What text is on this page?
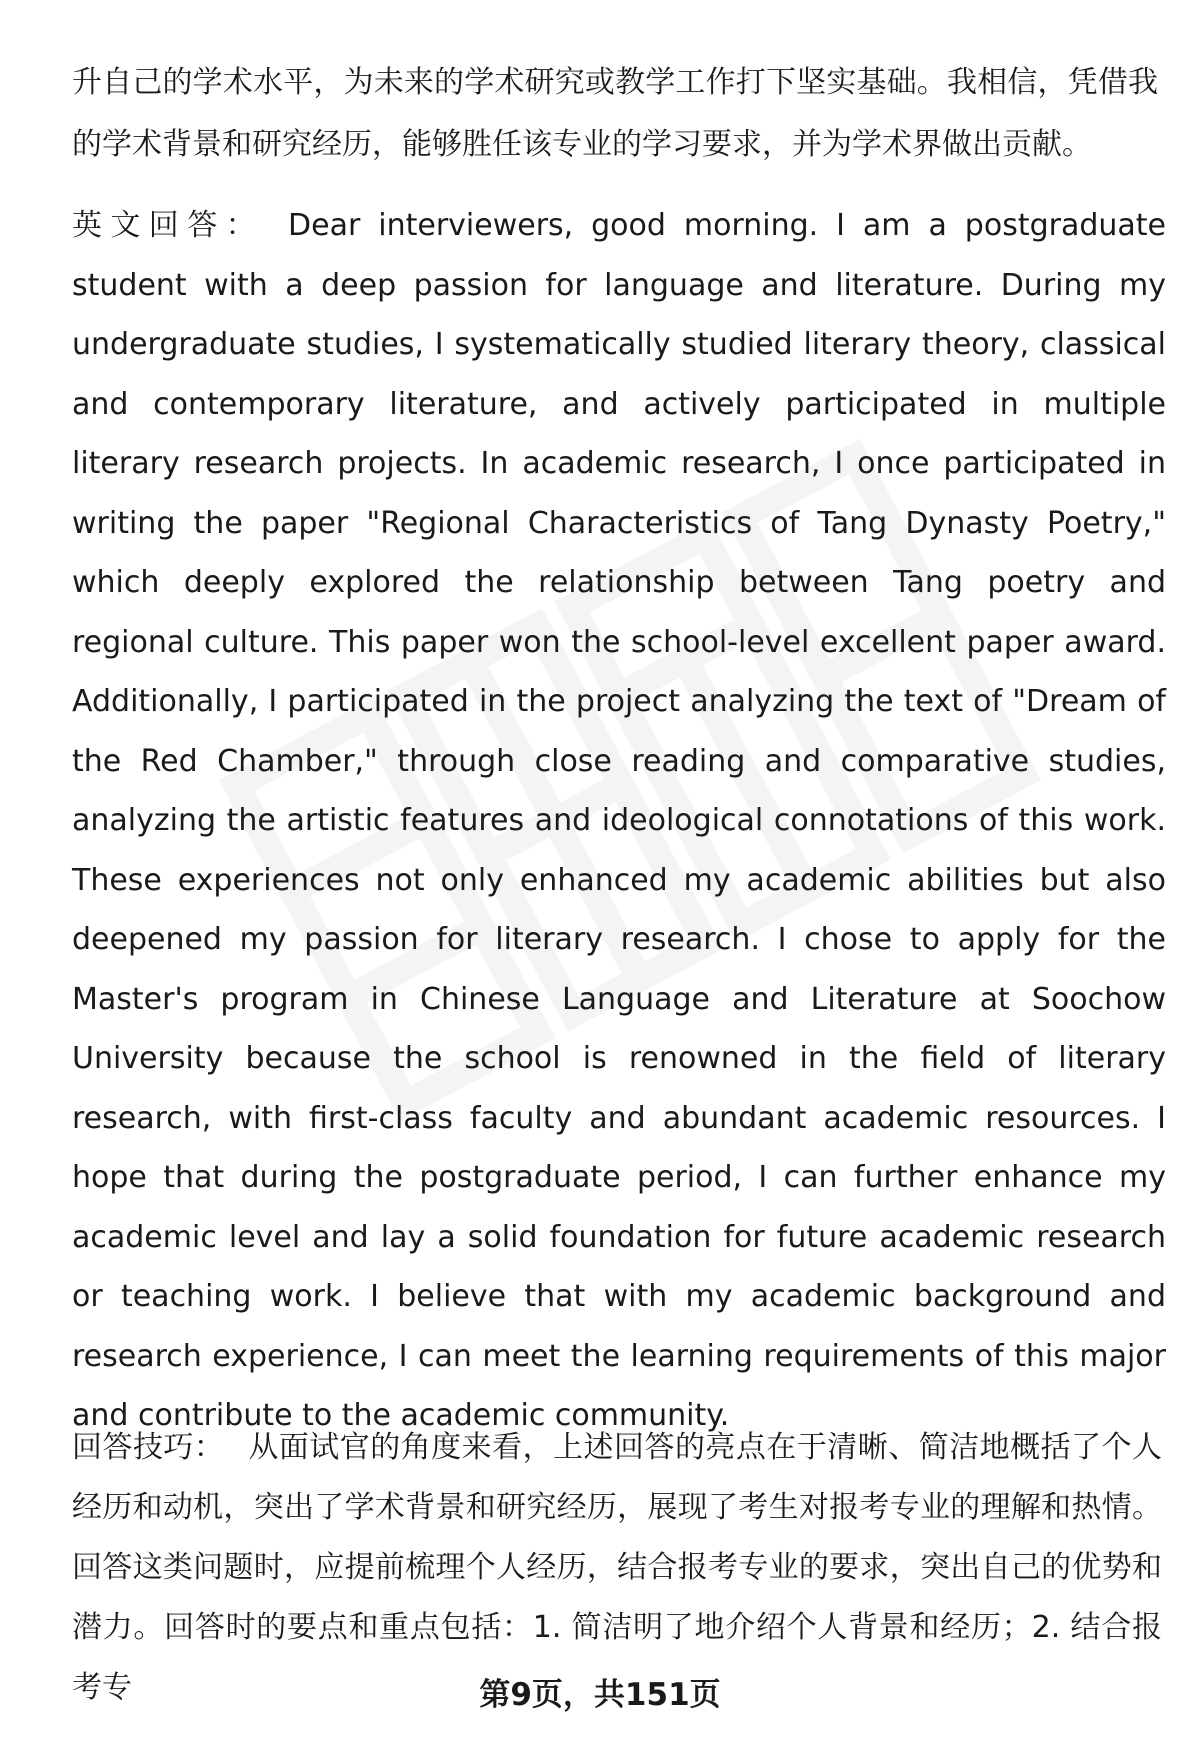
升自己的学术水平，为未来的学术研究或教学工作打下坚实基础。我相信，凭借我的学术背景和研究经历，能够胜任该专业的学习要求，并为学术界做出贡献。
英文回答： Dear interviewers, good morning. I am a postgraduate student with a deep passion for language and literature. During my undergraduate studies, I systematically studied literary theory, classical and contemporary literature, and actively participated in multiple literary research projects. In academic research, I once participated in writing the paper "Regional Characteristics of Tang Dynasty Poetry," which deeply explored the relationship between Tang poetry and regional culture. This paper won the school-level excellent paper award. Additionally, I participated in the project analyzing the text of "Dream of the Red Chamber," through close reading and comparative studies, analyzing the artistic features and ideological connotations of this work. These experiences not only enhanced my academic abilities but also deepened my passion for literary research. I chose to apply for the Master's program in Chinese Language and Literature at Soochow University because the school is renowned in the field of literary research, with first-class faculty and abundant academic resources. I hope that during the postgraduate period, I can further enhance my academic level and lay a solid foundation for future academic research or teaching work. I believe that with my academic background and research experience, I can meet the learning requirements of this major and contribute to the academic community.
回答技巧： 从面试官的角度来看，上述回答的亮点在于清晰、简洁地概括了个人经历和动机，突出了学术背景和研究经历，展现了考生对报考专业的理解和热情。回答这类问题时，应提前梳理个人经历，结合报考专业的要求，突出自己的优势和潜力。回答时的要点和重点包括：1. 简洁明了地介绍个人背景和经历；2. 结合报考专	第9页，共151页
